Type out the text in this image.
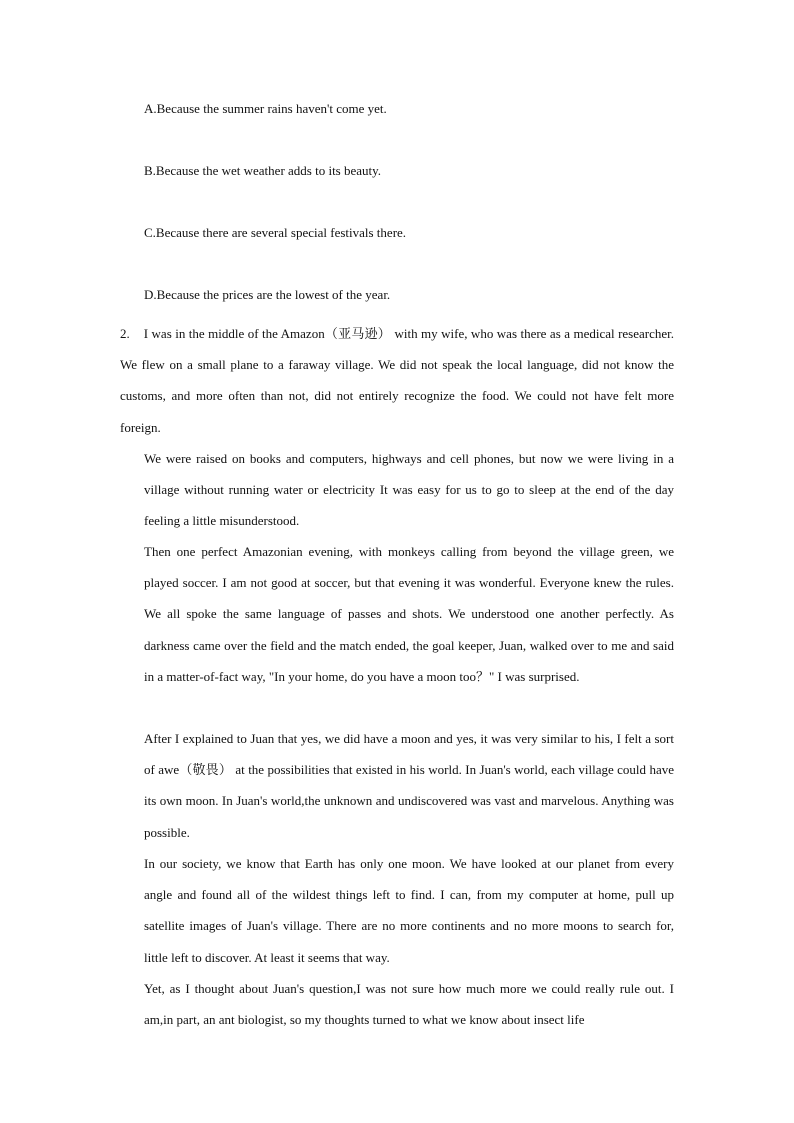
A.Because the summer rains haven't come yet.
B.Because the wet weather adds to its beauty.
C.Because there are several special festivals there.
D.Because the prices are the lowest of the year.
2. I was in the middle of the Amazon（亚马逊） with my wife, who was there as a medical researcher. We flew on a small plane to a faraway village. We did not speak the local language, did not know the customs, and more often than not, did not entirely recognize the food. We could not have felt more foreign.
We were raised on books and computers, highways and cell phones, but now we were living in a village without running water or electricity It was easy for us to go to sleep at the end of the day feeling a little misunderstood.
Then one perfect Amazonian evening, with monkeys calling from beyond the village green, we played soccer. I am not good at soccer, but that evening it was wonderful. Everyone knew the rules. We all spoke the same language of passes and shots. We understood one another perfectly. As darkness came over the field and the match ended, the goal keeper, Juan, walked over to me and said in a matter-of-fact way, "In your home, do you have a moon too？" I was surprised.
After I explained to Juan that yes, we did have a moon and yes, it was very similar to his, I felt a sort of awe（敬畏） at the possibilities that existed in his world. In Juan's world, each village could have its own moon. In Juan's world,the unknown and undiscovered was vast and marvelous. Anything was possible.
In our society, we know that Earth has only one moon. We have looked at our planet from every angle and found all of the wildest things left to find. I can, from my computer at home, pull up satellite images of Juan's village. There are no more continents and no more moons to search for, little left to discover. At least it seems that way.
Yet, as I thought about Juan's question,I was not sure how much more we could really rule out. I am,in part, an ant biologist, so my thoughts turned to what we know about insect life
